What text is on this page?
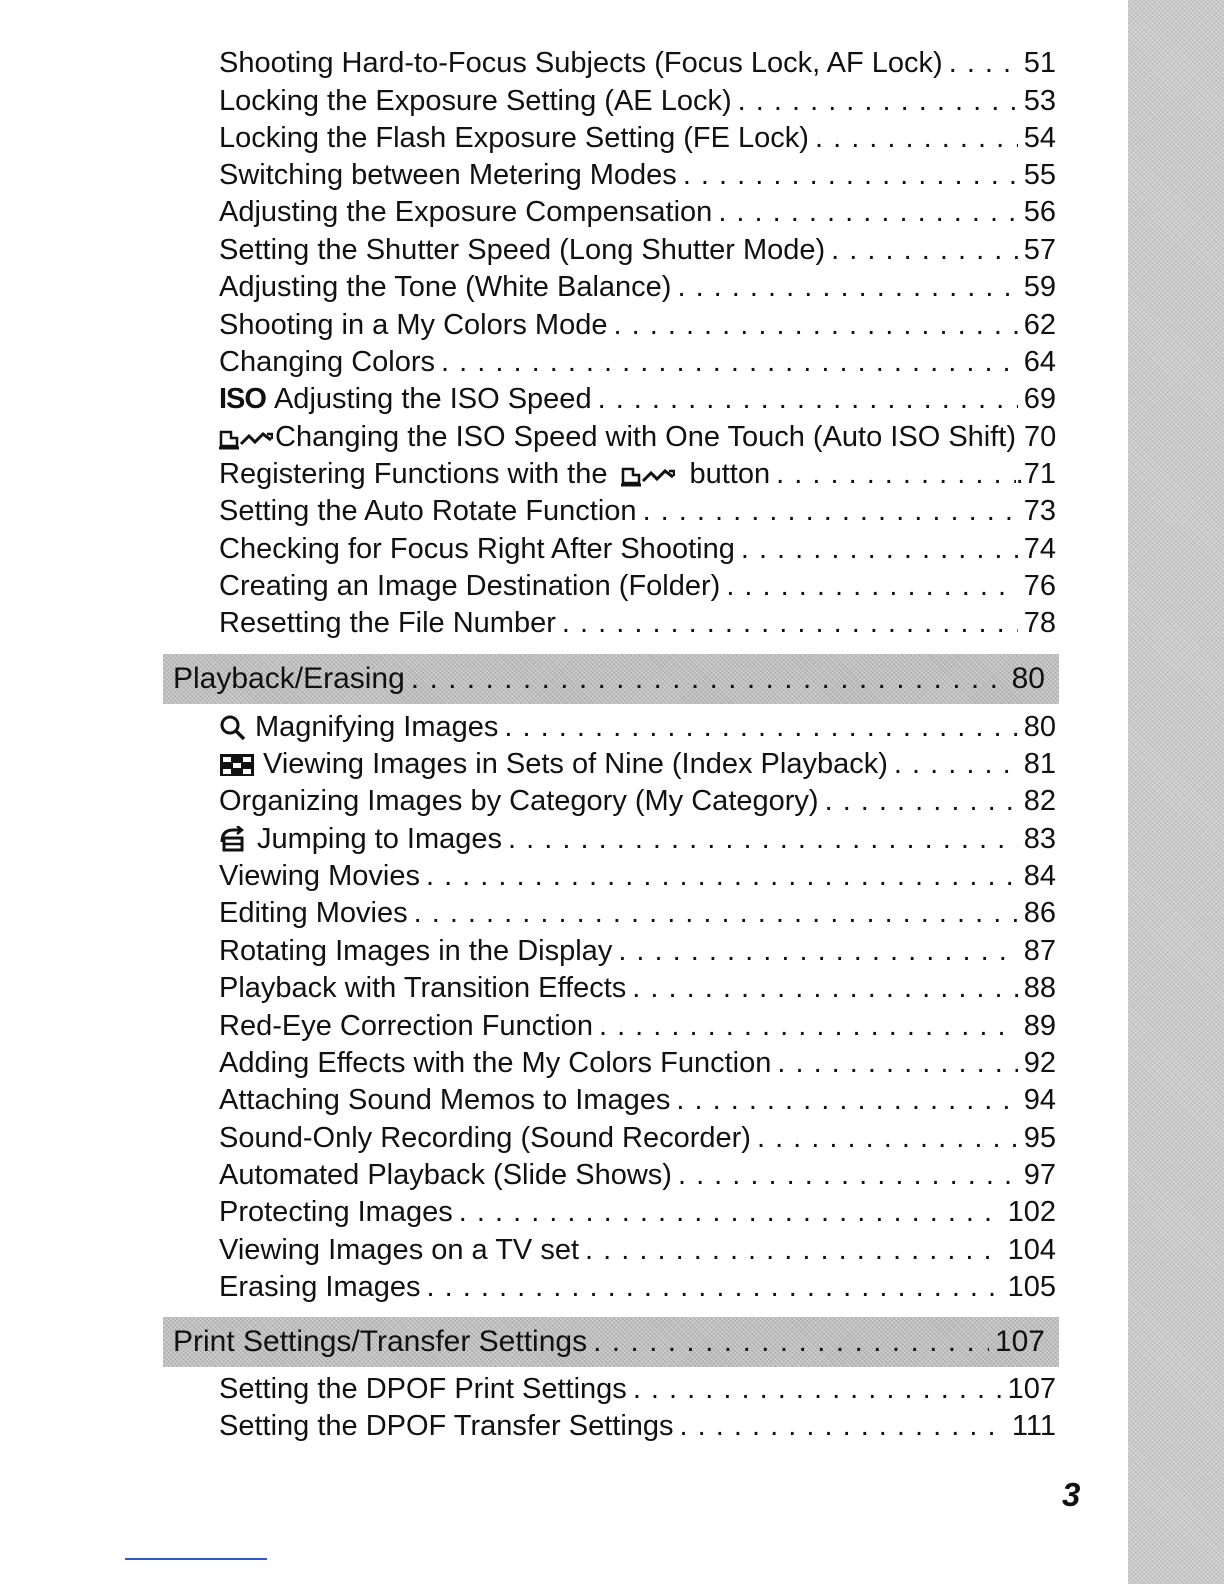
Shooting Hard-to-Focus Subjects (Focus Lock, AF Lock) . . .	51
Locking the Exposure Setting (AE Lock) . . .	53
Locking the Flash Exposure Setting (FE Lock) . . .	54
Switching between Metering Modes . . .	55
Adjusting the Exposure Compensation . . .	56
Setting the Shutter Speed (Long Shutter Mode) . . .	57
Adjusting the Tone (White Balance) . . .	59
Shooting in a My Colors Mode . . .	62
Changing Colors . . .	64
ISO Adjusting the ISO Speed . . .	69
Changing the ISO Speed with One Touch (Auto ISO Shift) 70
Registering Functions with the	button . . .	.71
Setting the Auto Rotate Function . . .	73
Checking for Focus Right After Shooting . . .	74
Creating an Image Destination (Folder) . . .	76
Resetting the File Number . . .	78
Playback/Erasing . . .	80
Magnifying Images . . .	80
Viewing Images in Sets of Nine (Index Playback) . . .	81
Organizing Images by Category (My Category) . . .	82
Jumping to Images . . .	83
Viewing Movies . . .	84
Editing Movies . . .	86
Rotating Images in the Display . . .	87
Playback with Transition Effects . . .	88
Red-Eye Correction Function . . .	89
Adding Effects with the My Colors Function . . .	92
Attaching Sound Memos to Images . . .	94
Sound-Only Recording (Sound Recorder) . . .	95
Automated Playback (Slide Shows) . . .	97
Protecting Images . . .	102
Viewing Images on a TV set . . .	104
Erasing Images . . .	105
Print Settings/Transfer Settings . . .	107
Setting the DPOF Print Settings . . .	107
Setting the DPOF Transfer Settings . . .	111
3
